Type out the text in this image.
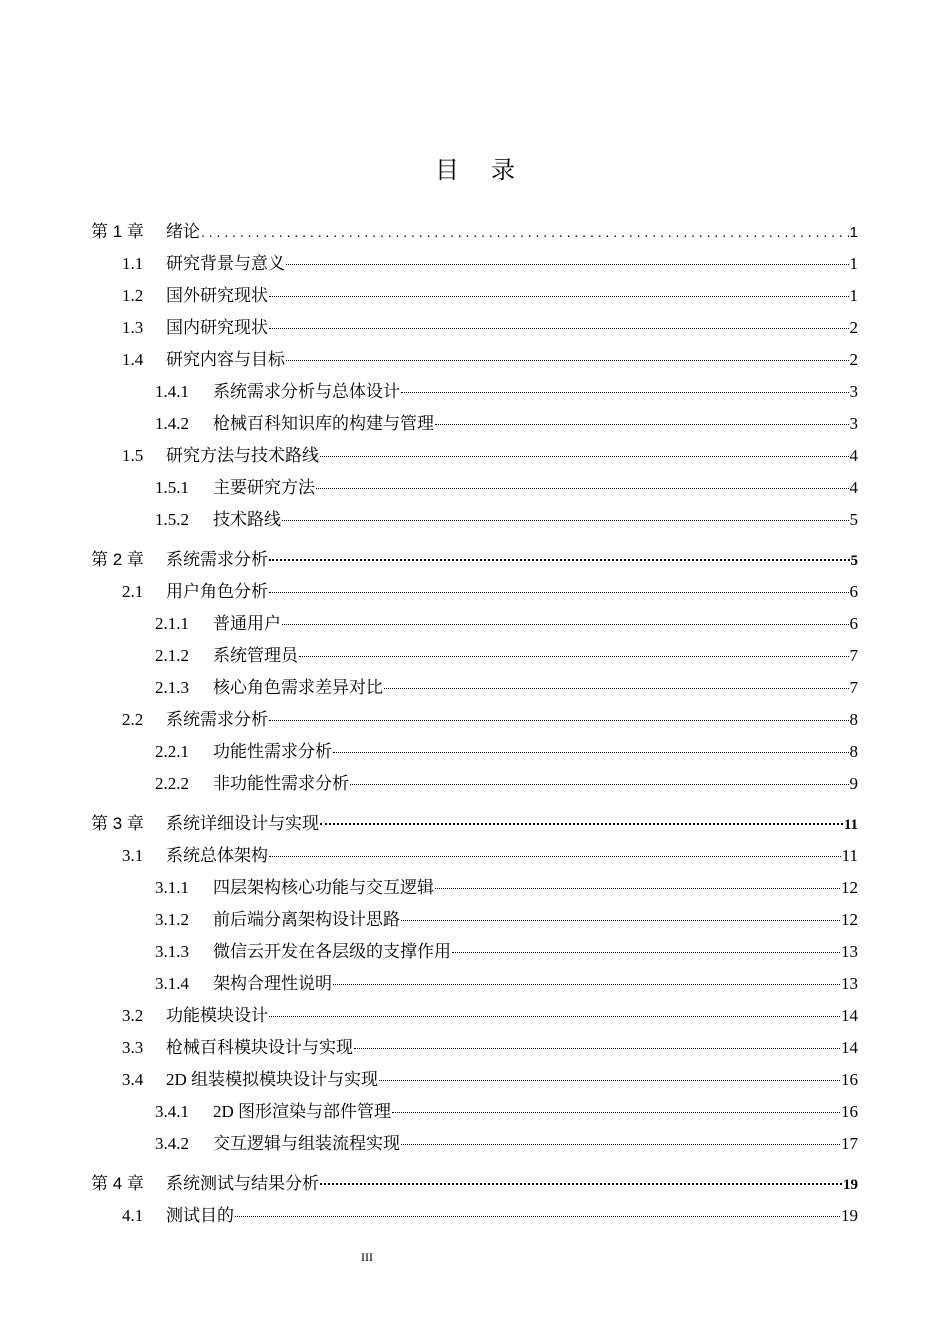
目 录
第 1 章	绪论
. . .	1
1.1	研究背景与意义	1
1.2	国外研究现状	1
1.3	国内研究现状	2
1.4	研究内容与目标	2
1.4.1	系统需求分析与总体设计	3
1.4.2	枪械百科知识库的构建与管理	3
1.5	研究方法与技术路线	4
1.5.1	主要研究方法	4
1.5.2	技术路线	5
第 2 章	系统需求分析	5
2.1	用户角色分析	6
2.1.1	普通用户	6
2.1.2	系统管理员	7
2.1.3	核心角色需求差异对比	7
2.2	系统需求分析	8
2.2.1	功能性需求分析	8
2.2.2	非功能性需求分析	9
第 3 章	系统详细设计与实现	11
3.1	系统总体架构	11
3.1.1	四层架构核心功能与交互逻辑	12
3.1.2	前后端分离架构设计思路	12
3.1.3	微信云开发在各层级的支撑作用	13
3.1.4	架构合理性说明	13
3.2	功能模块设计	14
3.3	枪械百科模块设计与实现	14
3.4	2D 组装模拟模块设计与实现	16
3.4.1	2D 图形渲染与部件管理	16
3.4.2	交互逻辑与组装流程实现	17
第 4 章	系统测试与结果分析	19
4.1	测试目的	19
III
